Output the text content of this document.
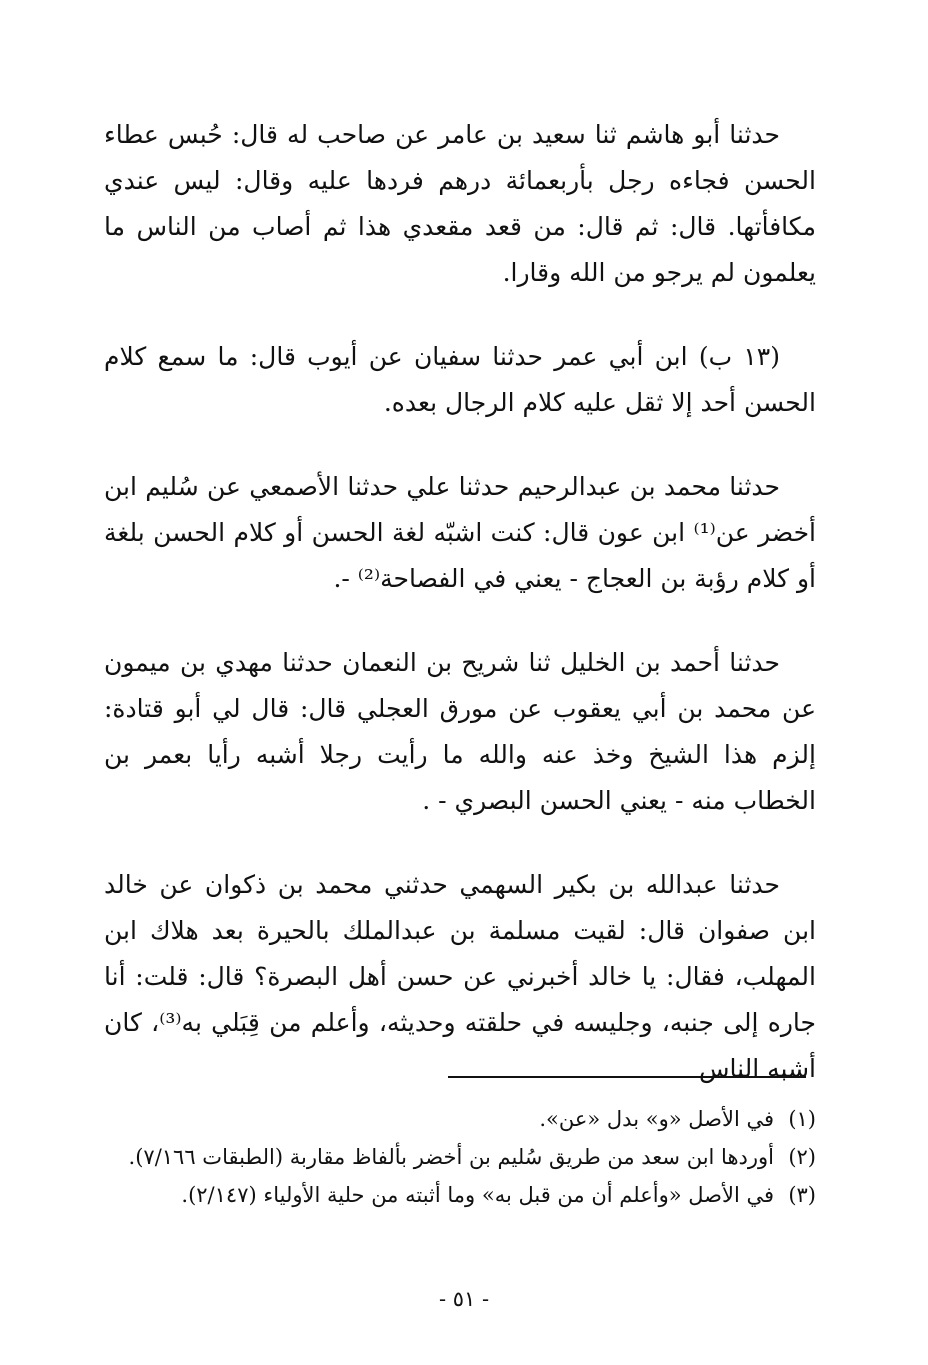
حدثنا أبو هاشم ثنا سعيد بن عامر عن صاحب له قال: حُبس عطاء الحسن فجاءه رجل بأربعمائة درهم فردها عليه وقال: ليس عندي مكافأتها. قال: ثم قال: من قعد مقعدي هذا ثم أصاب من الناس ما يعلمون لم يرجو من الله وقارا.

(١٣ ب) ابن أبي عمر حدثنا سفيان عن أيوب قال: ما سمع كلام الحسن أحد إلا ثقل عليه كلام الرجال بعده.

حدثنا محمد بن عبدالرحيم حدثنا علي حدثنا الأصمعي عن سُليم ابن أخضر عن⁽¹⁾ ابن عون قال: كنت اشبّه لغة الحسن أو كلام الحسن بلغة أو كلام رؤبة بن العجاج - يعني في الفصاحة⁽²⁾ -.

حدثنا أحمد بن الخليل ثنا شريح بن النعمان حدثنا مهدي بن ميمون عن محمد بن أبي يعقوب عن مورق العجلي قال: قال لي أبو قتادة: إلزم هذا الشيخ وخذ عنه والله ما رأيت رجلا أشبه رأيا بعمر بن الخطاب منه - يعني الحسن البصري - .

حدثنا عبدالله بن بكير السهمي حدثني محمد بن ذكوان عن خالد ابن صفوان قال: لقيت مسلمة بن عبدالملك بالحيرة بعد هلاك ابن المهلب، فقال: يا خالد أخبرني عن حسن أهل البصرة؟ قال: قلت: أنا جاره إلى جنبه، وجليسه في حلقته وحديثه، وأعلم من قِبَلي به⁽³⁾، كان أشبه الناس

(١)في الأصل «و» بدل «عن».

(٢)أوردها ابن سعد من طريق سُليم بن أخضر بألفاظ مقاربة (الطبقات ٧/١٦٦).

(٣)في الأصل «وأعلم أن من قبل به» وما أثبته من حلية الأولياء (٢/١٤٧).

- ٥١ -
